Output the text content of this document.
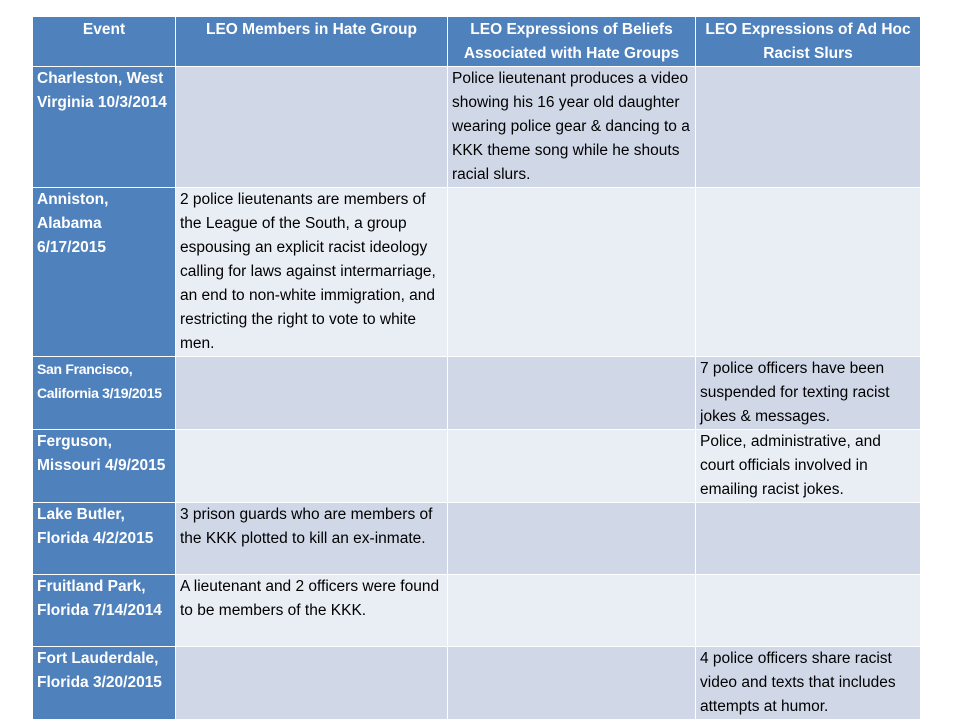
Event	LEO Members in Hate Group	LEO Expressions of Beliefs Associated with Hate Groups	LEO Expressions of Ad Hoc Racist Slurs
Charleston, West Virginia 10/3/2014		Police lieutenant produces a video showing his 16 year old daughter wearing police gear & dancing to a KKK theme song while he shouts racial slurs.	
Anniston, Alabama 6/17/2015	2 police lieutenants are members of the League of the South, a group espousing an explicit racist ideology calling for laws against intermarriage, an end to non-white immigration, and restricting the right to vote to white men.		
San Francisco, California 3/19/2015			7 police officers have been suspended for texting racist jokes & messages.
Ferguson, Missouri 4/9/2015			Police, administrative, and court officials involved in emailing racist jokes.
Lake Butler, Florida 4/2/2015	3 prison guards who are members of the KKK plotted to kill an ex-inmate.		
Fruitland Park, Florida 7/14/2014	A lieutenant and 2 officers were found to be members of the KKK.		
Fort Lauderdale, Florida 3/20/2015			4 police officers share racist video and texts that includes attempts at humor.
